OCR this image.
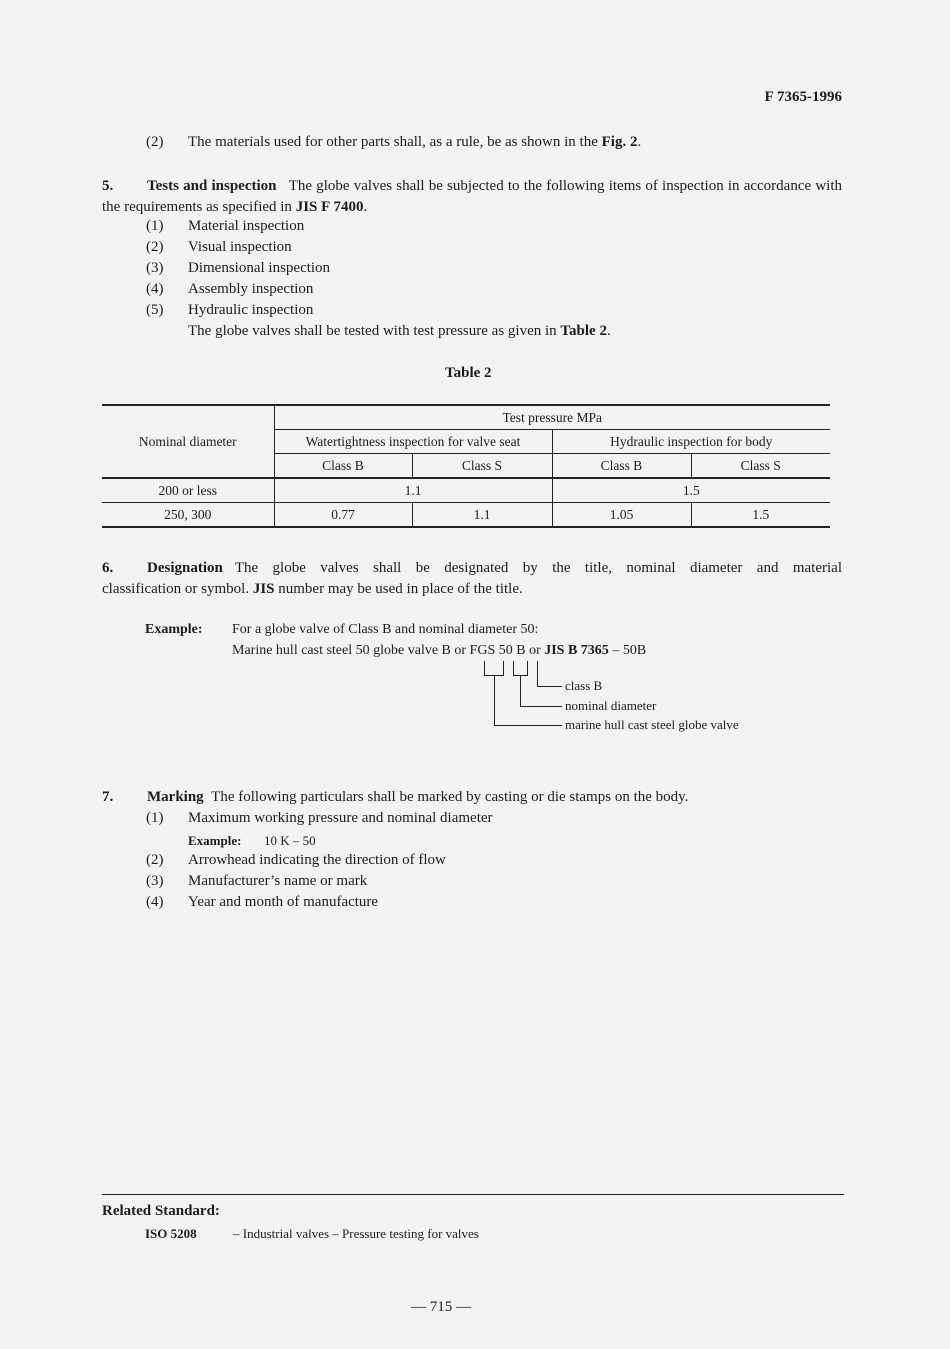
F 7365-1996
(2)	The materials used for other parts shall, as a rule, be as shown in the Fig. 2.
5. Tests and inspection The globe valves shall be subjected to the following items of inspection in accordance with the requirements as specified in JIS F 7400.
(1)	Material inspection
(2)	Visual inspection
(3)	Dimensional inspection
(4)	Assembly inspection
(5)	Hydraulic inspection
The globe valves shall be tested with test pressure as given in Table 2.
Table 2
Nominal diameter	Test pressure MPa			
	Watertightness inspection for valve seat		Hydraulic inspection for body	
	Class B	Class S	Class B	Class S
200 or less	1.1		1.5	
250, 300	0.77	1.1	1.05	1.5
6. Designation The globe valves shall be designated by the title, nominal diameter and material
classification or symbol. JIS number may be used in place of the title.
Example: For a globe valve of Class B and nominal diameter 50:
Marine hull cast steel 50 globe valve B or FGS 50 B or JIS B 7365 – 50B
class B
nominal diameter
marine hull cast steel globe valve
7. Marking The following particulars shall be marked by casting or die stamps on the body.
(1)	Maximum working pressure and nominal diameter
Example: 10 K – 50
(2)	Arrowhead indicating the direction of flow
(3)	Manufacturer’s name or mark
(4)	Year and month of manufacture
Related Standard:
ISO 5208	– Industrial valves – Pressure testing for valves
— 715 —
